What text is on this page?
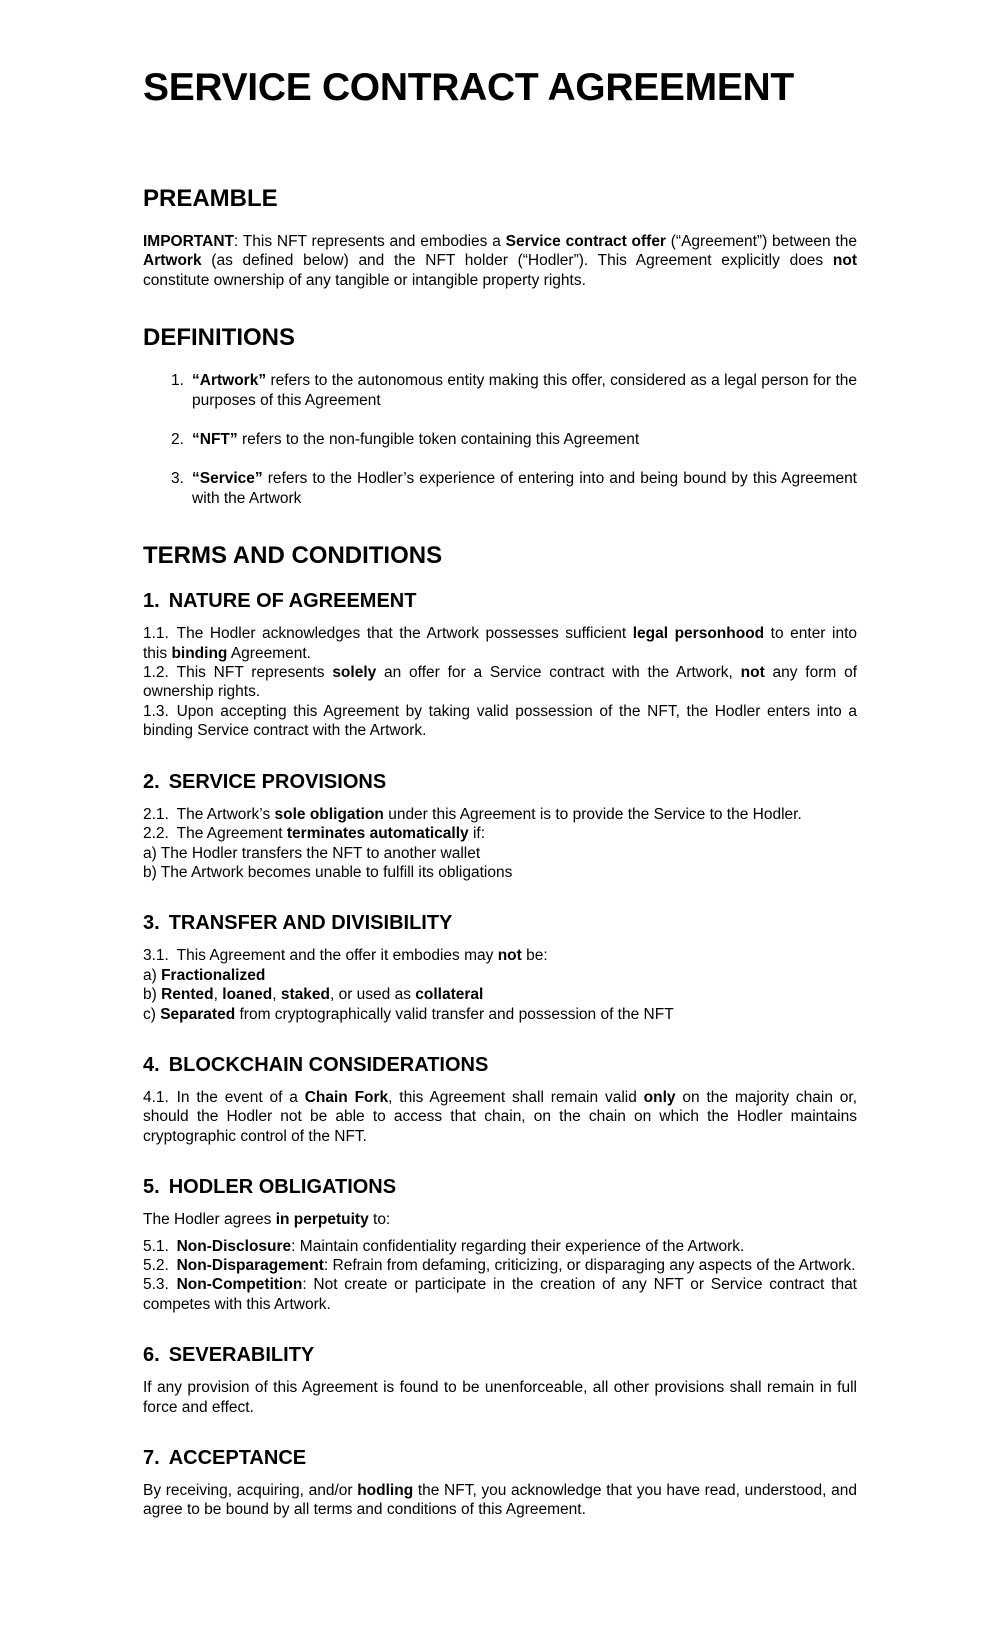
SERVICE CONTRACT AGREEMENT
PREAMBLE

IMPORTANT: This NFT represents and embodies a Service contract offer (“Agreement”) between the Artwork (as defined below) and the NFT holder (“Hodler”). This Agreement explicitly does not constitute ownership of any tangible or intangible property rights.

DEFINITIONS
1. “Artwork” refers to the autonomous entity making this offer, considered as a legal person for the purposes of this Agreement
2. “NFT” refers to the non-fungible token containing this Agreement
3. “Service” refers to the Hodler’s experience of entering into and being bound by this Agreement with the Artwork
TERMS AND CONDITIONS
1. NATURE OF AGREEMENT

1.1. The Hodler acknowledges that the Artwork possesses sufficient legal personhood to enter into this binding Agreement.

1.2. This NFT represents solely an offer for a Service contract with the Artwork, not any form of ownership rights.

1.3. Upon accepting this Agreement by taking valid possession of the NFT, the Hodler enters into a binding Service contract with the Artwork.

2. SERVICE PROVISIONS

2.1. The Artwork’s sole obligation under this Agreement is to provide the Service to the Hodler.

2.2. The Agreement terminates automatically if:

a) The Hodler transfers the NFT to another wallet

b) The Artwork becomes unable to fulfill its obligations

3. TRANSFER AND DIVISIBILITY

3.1. This Agreement and the offer it embodies may not be:

a) Fractionalized

b) Rented, loaned, staked, or used as collateral

c) Separated from cryptographically valid transfer and possession of the NFT

4. BLOCKCHAIN CONSIDERATIONS

4.1. In the event of a Chain Fork, this Agreement shall remain valid only on the majority chain or, should the Hodler not be able to access that chain, on the chain on which the Hodler maintains cryptographic control of the NFT.

5. HODLER OBLIGATIONS

The Hodler agrees in perpetuity to:

5.1. Non-Disclosure: Maintain confidentiality regarding their experience of the Artwork.

5.2. Non-Disparagement: Refrain from defaming, criticizing, or disparaging any aspects of the Artwork.

5.3. Non-Competition: Not create or participate in the creation of any NFT or Service contract that competes with this Artwork.

6. SEVERABILITY

If any provision of this Agreement is found to be unenforceable, all other provisions shall remain in full force and effect.

7. ACCEPTANCE

By receiving, acquiring, and/or hodling the NFT, you acknowledge that you have read, understood, and agree to be bound by all terms and conditions of this Agreement.
